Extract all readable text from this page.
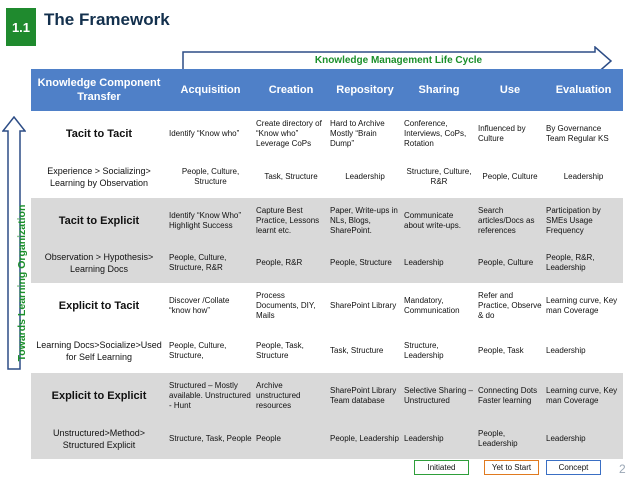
1.1 The Framework
Knowledge Management Life Cycle
Towards Learning Organization
Knowledge Component Transfer	Acquisition	Creation	Repository	Sharing	Use	Evaluation
Tacit to Tacit	Identify “Know who”	Create directory of “Know who” Leverage CoPs	Hard to Archive Mostly “Brain Dump”	Conference, Interviews, CoPs, Rotation	Influenced by Culture	By Governance Team Regular KS
Experience > Socializing> Learning by Observation	People, Culture, Structure	Task, Structure	Leadership	Structure, Culture, R&R	People, Culture	Leadership
Tacit to Explicit	Identify “Know Who” Highlight Success	Capture Best Practice, Lessons learnt etc.	Paper, Write-ups in NLs, Blogs, SharePoint.	Communicate about write-ups.	Search articles/Docs as references	Participation by SMEs Usage Frequency
Observation > Hypothesis> Learning Docs	People, Culture, Structure, R&R	People, R&R	People, Structure	Leadership	People, Culture	People, R&R, Leadership
Explicit to Tacit	Discover /Collate “know how”	Process Documents, DIY, Mails	SharePoint Library	Mandatory, Communication	Refer and Practice, Observe & do	Learning curve, Key man Coverage
Learning Docs>Socialize>Used for Self Learning	People, Culture, Structure,	People, Task, Structure	Task, Structure	Structure, Leadership	People, Task	Leadership
Explicit to Explicit	Structured – Mostly available. Unstructured - Hunt	Archive unstructured resources	SharePoint Library Team database	Selective Sharing – Unstructured	Connecting Dots Faster learning	Learning curve, Key man Coverage
Unstructured>Method> Structured Explicit	Structure, Task, People	People	People, Leadership	Leadership	People, Leadership	Leadership
Initiated	Yet to Start	Concept	2
